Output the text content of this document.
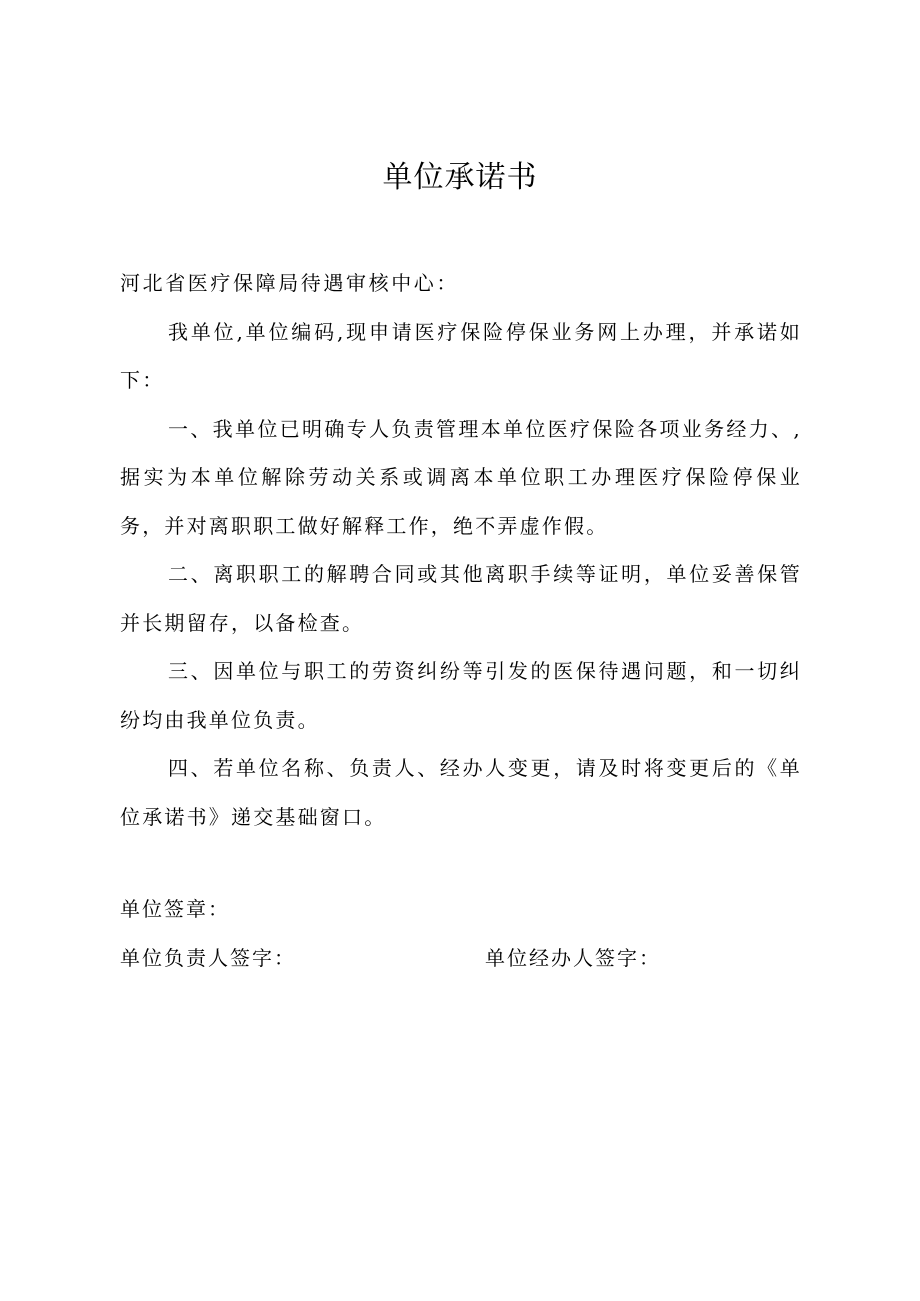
单位承诺书

河北省医疗保障局待遇审核中心：

我单位,单位编码,现申请医疗保险停保业务网上办理，并承诺如下：

一、我单位已明确专人负责管理本单位医疗保险各项业务经力、,据实为本单位解除劳动关系或调离本单位职工办理医疗保险停保业务，并对离职职工做好解释工作，绝不弄虚作假。

二、离职职工的解聘合同或其他离职手续等证明，单位妥善保管并长期留存，以备检查。

三、因单位与职工的劳资纠纷等引发的医保待遇问题，和一切纠纷均由我单位负责。

四、若单位名称、负责人、经办人变更，请及时将变更后的《单位承诺书》递交基础窗口。

单位签章：
单位负责人签字：	单位经办人签字：
